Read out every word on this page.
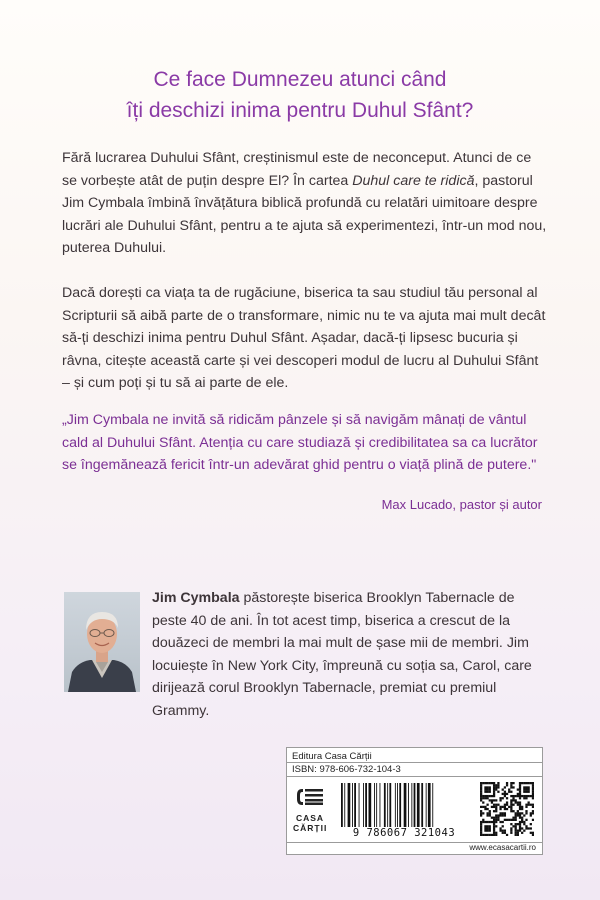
Ce face Dumnezeu atunci când
îți deschizi inima pentru Duhul Sfânt?
Fără lucrarea Duhului Sfânt, creștinismul este de neconceput. Atunci de ce se vorbește atât de puțin despre El? În cartea Duhul care te ridică, pastorul Jim Cymbala îmbină învățătura biblică profundă cu relatări uimitoare despre lucrări ale Duhului Sfânt, pentru a te ajuta să experimentezi, într-un mod nou, puterea Duhului.
Dacă dorești ca viața ta de rugăciune, biserica ta sau studiul tău personal al Scripturii să aibă parte de o transformare, nimic nu te va ajuta mai mult decât să-ți deschizi inima pentru Duhul Sfânt. Așadar, dacă-ți lipsesc bucuria și râvna, citește această carte și vei descoperi modul de lucru al Duhului Sfânt – și cum poți și tu să ai parte de ele.
„Jim Cymbala ne invită să ridicăm pânzele și să navigăm mânați de vântul cald al Duhului Sfânt. Atenția cu care studiază și credibilitatea sa ca lucrător se îngemănează fericit într-un adevărat ghid pentru o viață plină de putere."
Max Lucado, pastor și autor
Jim Cymbala păstorește biserica Brooklyn Tabernacle de peste 40 de ani. În tot acest timp, biserica a crescut de la douăzeci de membri la mai mult de șase mii de membri. Jim locuiește în New York City, împreună cu soția sa, Carol, care dirijează corul Brooklyn Tabernacle, premiat cu premiul Grammy.
Editura Casa Cărții
ISBN: 978-606-732-104-3
CASA
CĂRȚII	9 786067 321043
www.ecasacartii.ro
